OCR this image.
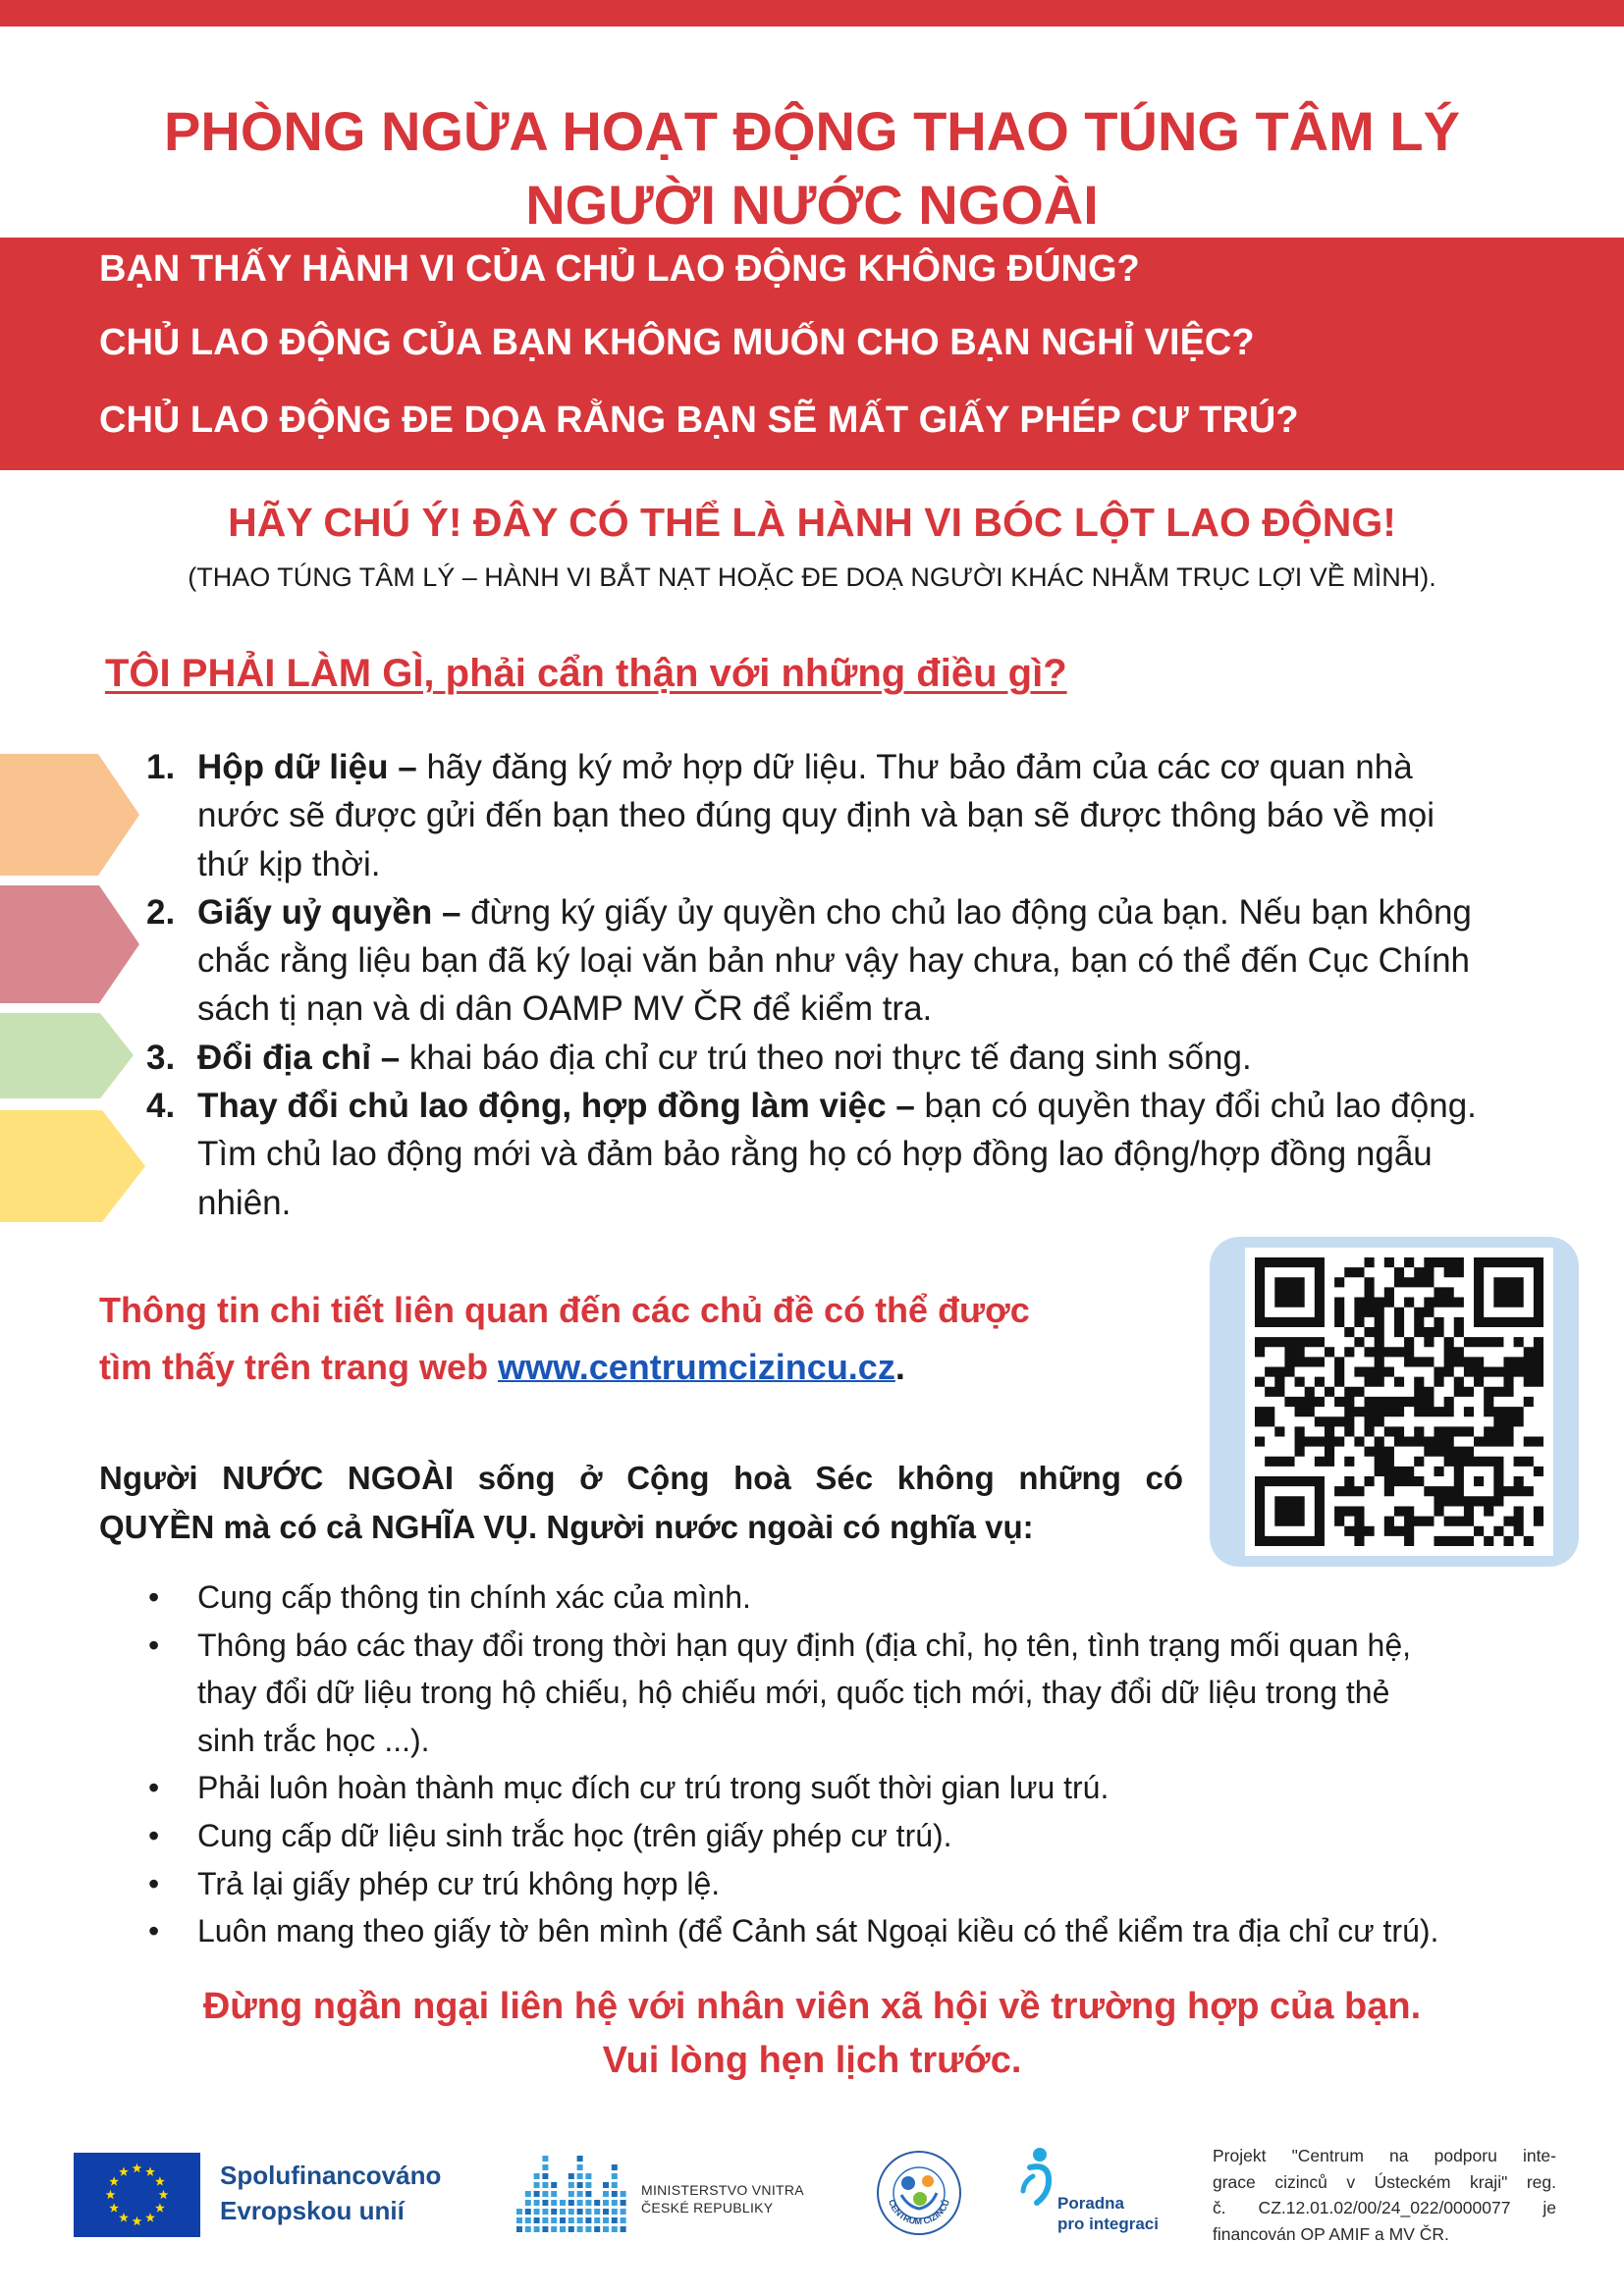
PHÒNG NGỪA HOẠT ĐỘNG THAO TÚNG TÂM LÝ
NGƯỜI NƯỚC NGOÀI
BẠN THẤY HÀNH VI CỦA CHỦ LAO ĐỘNG KHÔNG ĐÚNG?
CHỦ LAO ĐỘNG CỦA BẠN KHÔNG MUỐN CHO BẠN NGHỈ VIỆC?
CHỦ LAO ĐỘNG ĐE DỌA RẰNG BẠN SẼ MẤT GIẤY PHÉP CƯ TRÚ?
HÃY CHÚ Ý! ĐÂY CÓ THỂ LÀ HÀNH VI BÓC LỘT LAO ĐỘNG!
(THAO TÚNG TÂM LÝ – HÀNH VI BẮT NẠT HOẶC ĐE DOẠ NGƯỜI KHÁC NHẰM TRỤC LỢI VỀ MÌNH).
TÔI PHẢI LÀM GÌ, phải cẩn thận với những điều gì?
1. Hộp dữ liệu – hãy đăng ký mở hợp dữ liệu. Thư bảo đảm của các cơ quan nhà
nước sẽ được gửi đến bạn theo đúng quy định và bạn sẽ được thông báo về mọi
thứ kịp thời.
2. Giấy uỷ quyền – đừng ký giấy ủy quyền cho chủ lao động của bạn. Nếu bạn không
chắc rằng liệu bạn đã ký loại văn bản như vậy hay chưa, bạn có thể đến Cục Chính
sách tị nạn và di dân OAMP MV ČR để kiểm tra.
3. Đổi địa chỉ – khai báo địa chỉ cư trú theo nơi thực tế đang sinh sống.
4. Thay đổi chủ lao động, hợp đồng làm việc – bạn có quyền thay đổi chủ lao động.
Tìm chủ lao động mới và đảm bảo rằng họ có hợp đồng lao động/hợp đồng ngẫu
nhiên.
Thông tin chi tiết liên quan đến các chủ đề có thể được
tìm thấy trên trang web www.centrumcizincu.cz.
Người NƯỚC NGOÀI sống ở Cộng hoà Séc không những có
QUYỀN mà có cả NGHĨA VỤ. Người nước ngoài có nghĩa vụ:
• Cung cấp thông tin chính xác của mình.
• Thông báo các thay đổi trong thời hạn quy định (địa chỉ, họ tên, tình trạng mối quan hệ,
thay đổi dữ liệu trong hộ chiếu, hộ chiếu mới, quốc tịch mới, thay đổi dữ liệu trong thẻ
sinh trắc học ...).
• Phải luôn hoàn thành mục đích cư trú trong suốt thời gian lưu trú.
• Cung cấp dữ liệu sinh trắc học (trên giấy phép cư trú).
• Trả lại giấy phép cư trú không hợp lệ.
• Luôn mang theo giấy tờ bên mình (để Cảnh sát Ngoại kiều có thể kiểm tra địa chỉ cư trú).
Đừng ngần ngại liên hệ với nhân viên xã hội về trường hợp của bạn.
Vui lòng hẹn lịch trước.
Spolufinancováno
Evropskou unií
MINISTERSTVO VNITRA
ČESKÉ REPUBLIKY	CENTRUM CIZINCŮ	Poradna
pro integraci
Projekt "Centrum na podporu inte-
grace cizinců v Ústeckém kraji" reg.
č. CZ.12.01.02/00/24_022/0000077 je
financován OP AMIF a MV ČR.
